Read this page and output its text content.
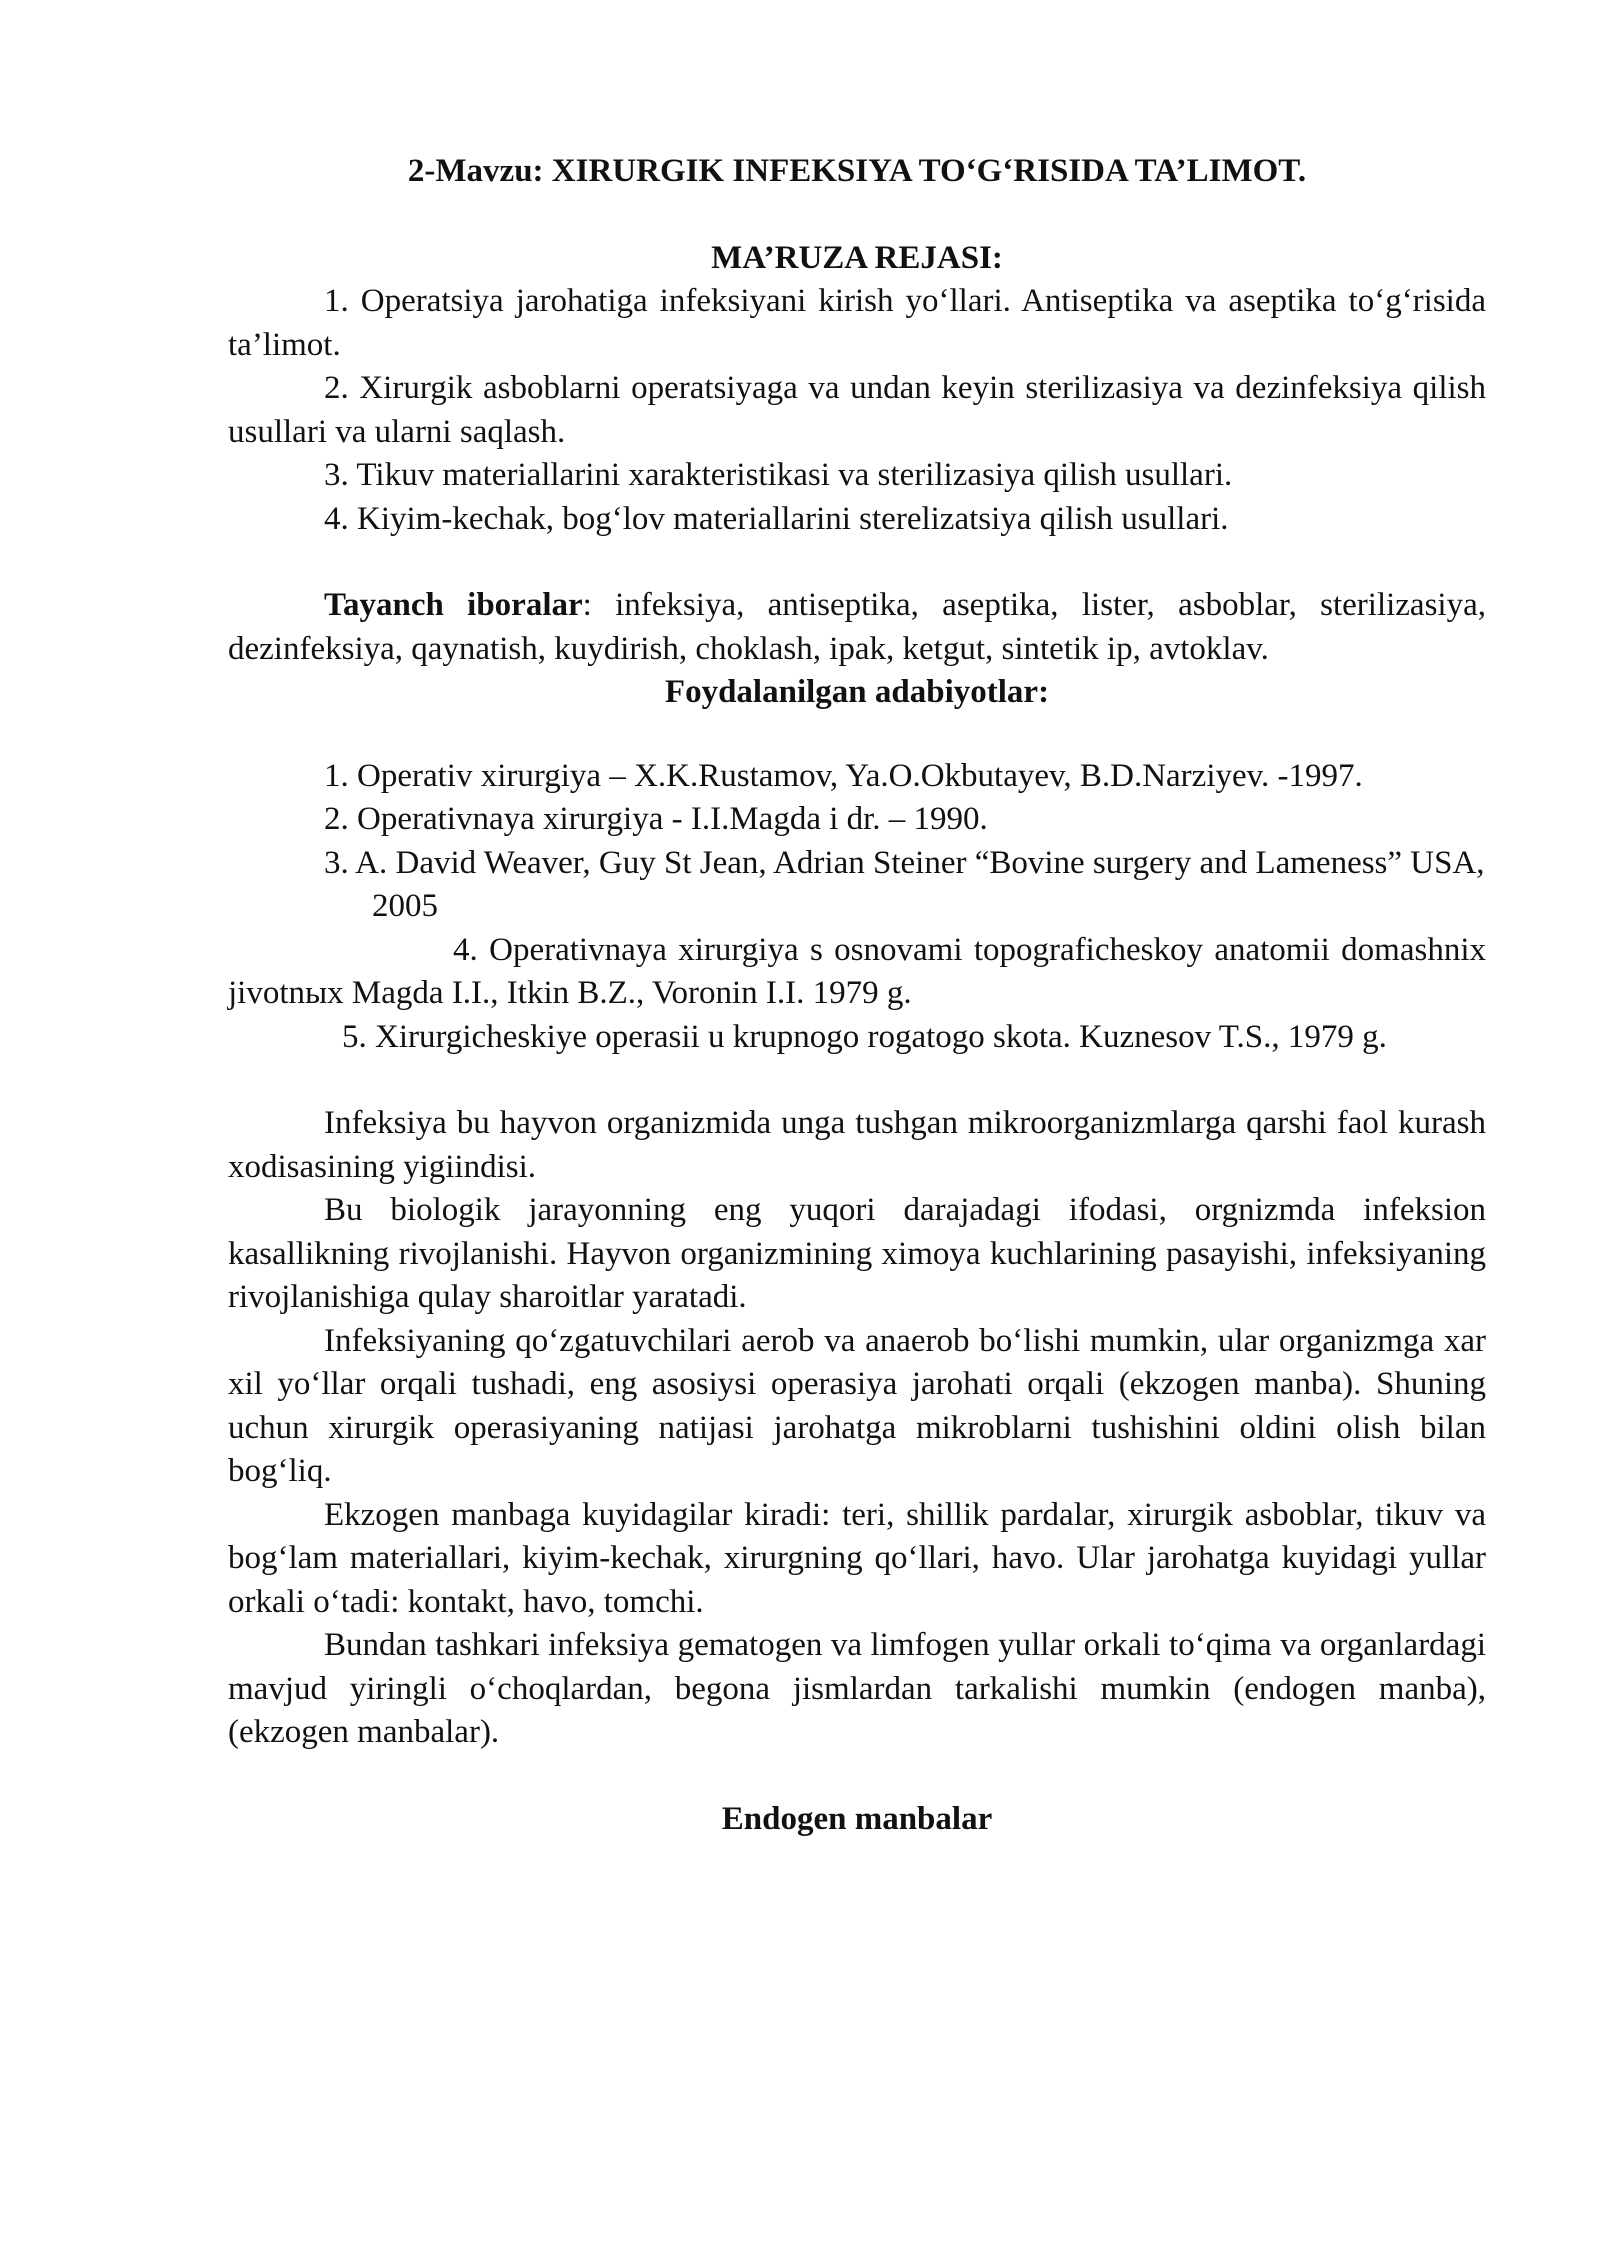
2-Mavzu: XIRURGIK INFEKSIYA TO‘G‘RISIDA TA’LIMOT.

MA’RUZA REJASI:

1. Operatsiya jarohatiga infeksiyani kirish yo‘llari. Antiseptika va aseptika to‘g‘risida ta’limot.

2. Xirurgik asboblarni operatsiyaga va undan keyin sterilizasiya va dezinfeksiya qilish usullari va ularni saqlash.

3. Tikuv materiallarini xarakteristikasi va sterilizasiya qilish usullari.

4. Kiyim-kechak, bog‘lov materiallarini sterelizatsiya qilish usullari.

Tayanch iboralar: infeksiya, antiseptika, aseptika, lister, asboblar, sterilizasiya, dezinfeksiya, qaynatish, kuydirish, choklash, ipak, ketgut, sintetik ip, avtoklav.

Foydalanilgan adabiyotlar:

1. Operativ xirurgiya – X.K.Rustamov, Ya.O.Okbutayev, B.D.Narziyev. -1997.

2. Operativnaya xirurgiya - I.I.Magda i dr. – 1990.

3. A. David Weaver, Guy St Jean, Adrian Steiner “Bovine surgery and Lameness” USA,

2005

4. Operativnaya xirurgiya s osnovami topograficheskoy anatomii domashnix jivotnых Magda I.I., Itkin B.Z., Voronin I.I. 1979 g.

5. Xirurgicheskiye operasii u krupnogo rogatogo skota. Kuznesov T.S., 1979 g.

Infeksiya bu hayvon organizmida unga tushgan mikroorganizmlarga qarshi faol kurash xodisasining yigiindisi.

Bu biologik jarayonning eng yuqori darajadagi ifodasi, orgnizmda infeksion kasallikning rivojlanishi. Hayvon organizmining ximoya kuchlarining pasayishi, infeksiyaning rivojlanishiga qulay sharoitlar yaratadi.

Infeksiyaning qo‘zgatuvchilari aerob va anaerob bo‘lishi mumkin, ular organizmga xar xil yo‘llar orqali tushadi, eng asosiysi operasiya jarohati orqali (ekzogen manba). Shuning uchun xirurgik operasiyaning natijasi jarohatga mikroblarni tushishini oldini olish bilan bog‘liq.

Ekzogen manbaga kuyidagilar kiradi: teri, shillik pardalar, xirurgik asboblar, tikuv va bog‘lam materiallari, kiyim-kechak, xirurgning qo‘llari, havo. Ular jarohatga kuyidagi yullar orkali o‘tadi: kontakt, havo, tomchi.

Bundan tashkari infeksiya gematogen va limfogen yullar orkali to‘qima va organlardagi mavjud yiringli o‘choqlardan, begona jismlardan tarkalishi mumkin (endogen manba), (ekzogen manbalar).

Endogen manbalar
